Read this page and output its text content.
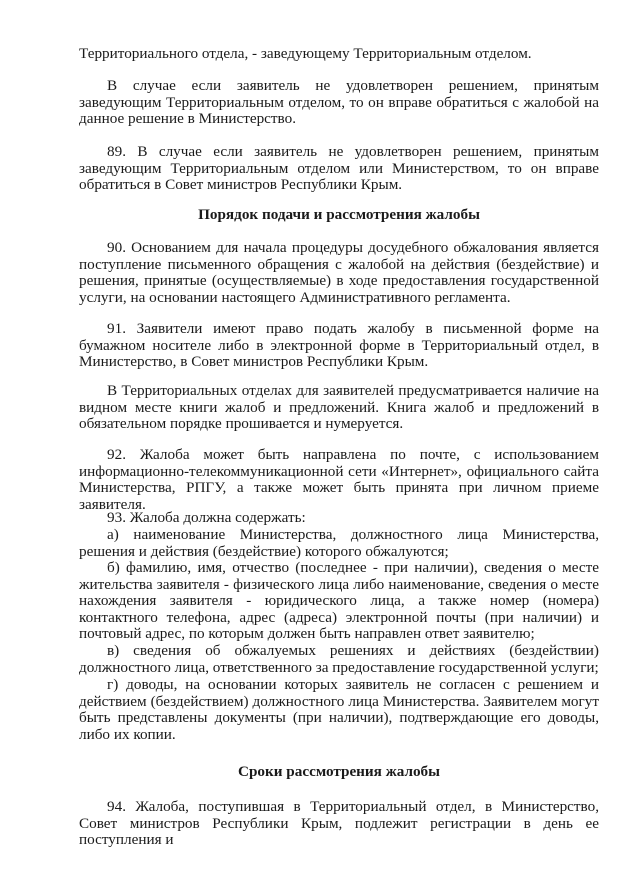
Территориального отдела, - заведующему Территориальным отделом.

В случае если заявитель не удовлетворен решением, принятым заведующим Территориальным отделом, то он вправе обратиться с жалобой на данное решение в Министерство.

89. В случае если заявитель не удовлетворен решением, принятым заведующим Территориальным отделом или Министерством, то он вправе обратиться в Совет министров Республики Крым.

Порядок подачи и рассмотрения жалобы

90. Основанием для начала процедуры досудебного обжалования является поступление письменного обращения с жалобой на действия (бездействие) и решения, принятые (осуществляемые) в ходе предоставления государственной услуги, на основании настоящего Административного регламента.

91. Заявители имеют право подать жалобу в письменной форме на бумажном носителе либо в электронной форме в Территориальный отдел, в Министерство, в Совет министров Республики Крым.

В Территориальных отделах для заявителей предусматривается наличие на видном месте книги жалоб и предложений. Книга жалоб и предложений в обязательном порядке прошивается и нумеруется.

92. Жалоба может быть направлена по почте, с использованием информационно-телекоммуникационной сети «Интернет», официального сайта Министерства, РПГУ, а также может быть принята при личном приеме заявителя.

93. Жалоба должна содержать:

а) наименование Министерства, должностного лица Министерства, решения и действия (бездействие) которого обжалуются;

б) фамилию, имя, отчество (последнее - при наличии), сведения о месте жительства заявителя - физического лица либо наименование, сведения о месте нахождения заявителя - юридического лица, а также номер (номера) контактного телефона, адрес (адреса) электронной почты (при наличии) и почтовый адрес, по которым должен быть направлен ответ заявителю;

в) сведения об обжалуемых решениях и действиях (бездействии) должностного лица, ответственного за предоставление государственной услуги;

г) доводы, на основании которых заявитель не согласен с решением и действием (бездействием) должностного лица Министерства. Заявителем могут быть представлены документы (при наличии), подтверждающие его доводы, либо их копии.

Сроки рассмотрения жалобы

94. Жалоба, поступившая в Территориальный отдел, в Министерство, Совет министров Республики Крым, подлежит регистрации в день ее поступления и
